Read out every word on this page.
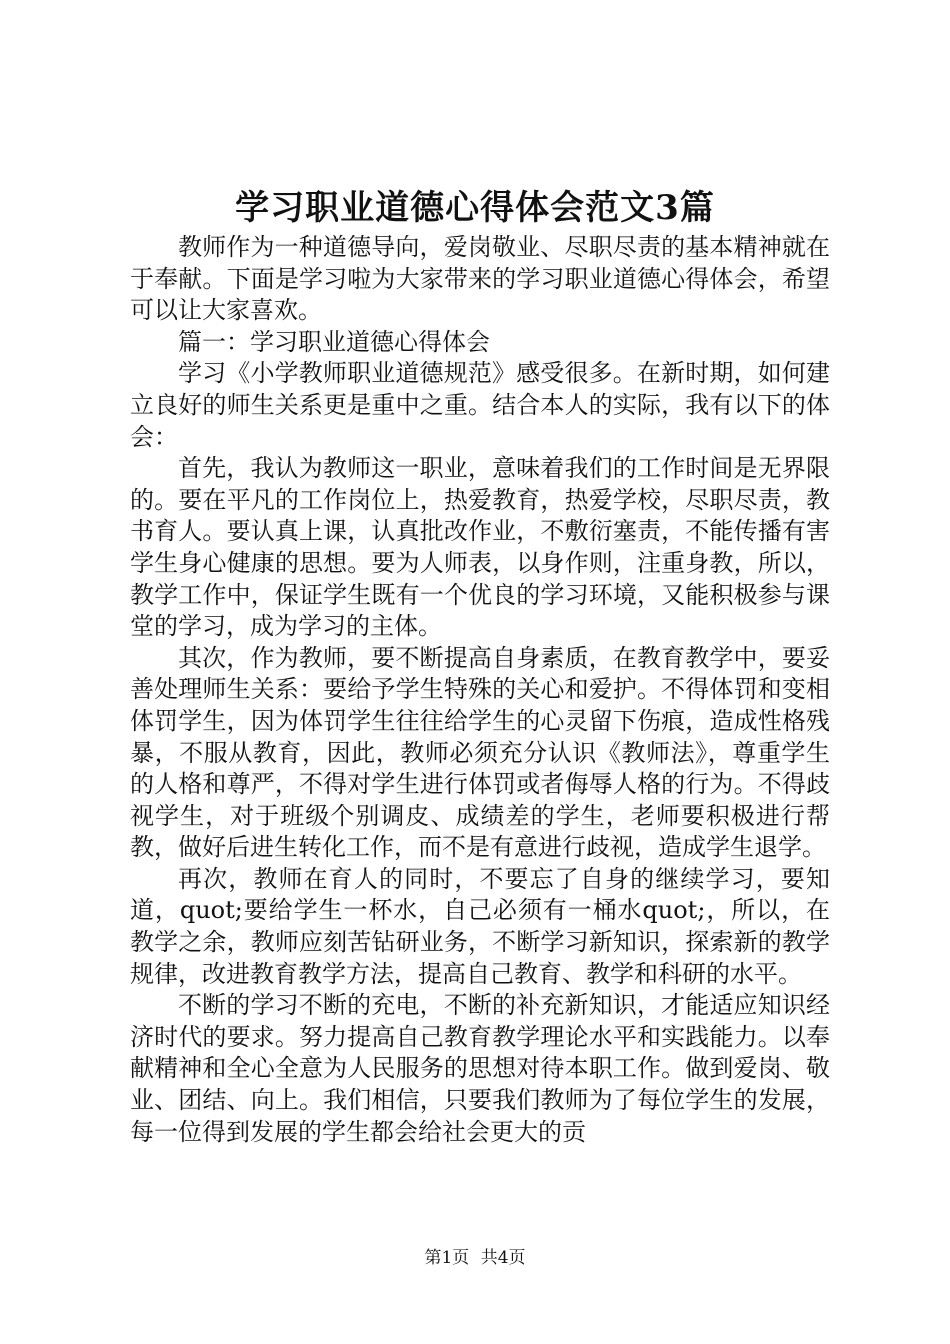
学习职业道德心得体会范文3篇

教师作为一种道德导向，爱岗敬业、尽职尽责的基本精神就在于奉献。下面是学习啦为大家带来的学习职业道德心得体会，希望可以让大家喜欢。

篇一：学习职业道德心得体会

学习《小学教师职业道德规范》感受很多。在新时期，如何建立良好的师生关系更是重中之重。结合本人的实际，我有以下的体会：

首先，我认为教师这一职业，意味着我们的工作时间是无界限的。要在平凡的工作岗位上，热爱教育，热爱学校，尽职尽责，教书育人。要认真上课，认真批改作业，不敷衍塞责，不能传播有害学生身心健康的思想。要为人师表，以身作则，注重身教，所以，教学工作中，保证学生既有一个优良的学习环境，又能积极参与课堂的学习，成为学习的主体。

其次，作为教师，要不断提高自身素质，在教育教学中，要妥善处理师生关系：要给予学生特殊的关心和爱护。不得体罚和变相体罚学生，因为体罚学生往往给学生的心灵留下伤痕，造成性格残暴，不服从教育，因此，教师必须充分认识《教师法》，尊重学生的人格和尊严，不得对学生进行体罚或者侮辱人格的行为。不得歧视学生，对于班级个别调皮、成绩差的学生，老师要积极进行帮教，做好后进生转化工作，而不是有意进行歧视，造成学生退学。

再次，教师在育人的同时，不要忘了自身的继续学习，要知道，quot;要给学生一杯水，自己必须有一桶水quot;，所以，在教学之余，教师应刻苦钻研业务，不断学习新知识，探索新的教学规律，改进教育教学方法，提高自己教育、教学和科研的水平。

不断的学习不断的充电，不断的补充新知识，才能适应知识经济时代的要求。努力提高自己教育教学理论水平和实践能力。以奉献精神和全心全意为人民服务的思想对待本职工作。做到爱岗、敬业、团结、向上。我们相信，只要我们教师为了每位学生的发展，每一位得到发展的学生都会给社会更大的贡

第1页 共4页
